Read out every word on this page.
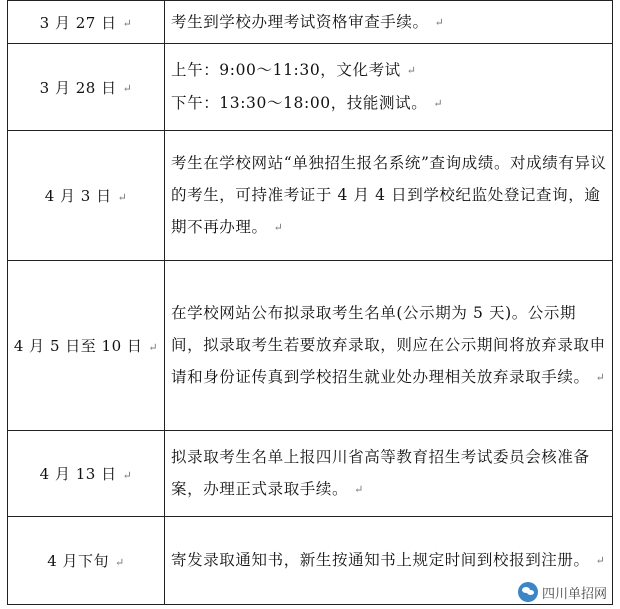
3 月 27 日 ↵	考生到学校办理考试资格审查手续。 ↵

3 月 28 日 ↵	上午：9:00～11:30，文化考试 ↵

下午：13:30～18:00，技能测试。 ↵

4 月 3 日 ↵	考生在学校网站“单独招生报名系统”查询成绩。对成绩有异议的考生，可持准考证于 4 月 4 日到学校纪监处登记查询，逾期不再办理。 ↵

4 月 5 日至 10 日 ↵	在学校网站公布拟录取考生名单(公示期为 5 天)。公示期间，拟录取考生若要放弃录取，则应在公示期间将放弃录取申请和身份证传真到学校招生就业处办理相关放弃录取手续。 ↵

4 月 13 日 ↵	拟录取考生名单上报四川省高等教育招生考试委员会核准备案，办理正式录取手续。 ↵

4 月下旬 ↵	寄发录取通知书，新生按通知书上规定时间到校报到注册。 ↵

四川单招网
